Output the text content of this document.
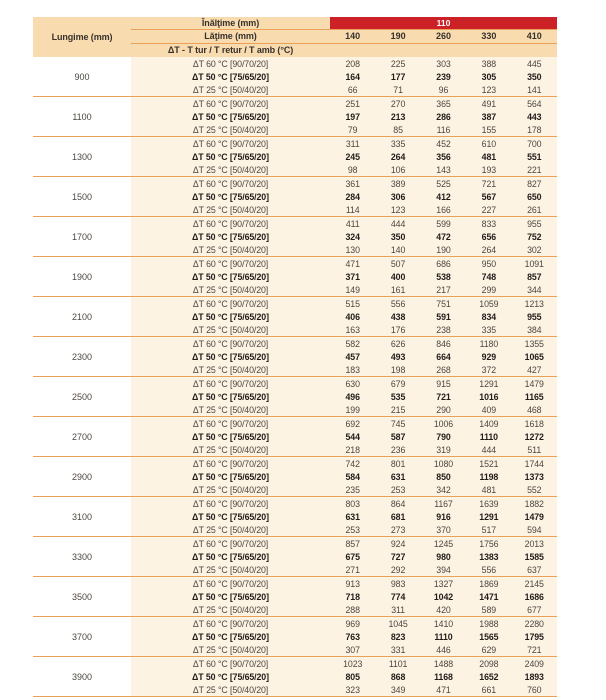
Lungime (mm)
Înălţime (mm)	110
Lăţime (mm)	140	190	260	330	410
ΔT - T tur / T retur / T amb (°C)
900
ΔT 60 °C [90/70/20]	208	225	303	388	445
ΔT 50 °C [75/65/20]	164	177	239	305	350
ΔT 25 °C [50/40/20]	66	71	96	123	141
1100
ΔT 60 °C [90/70/20]	251	270	365	491	564
ΔT 50 °C [75/65/20]	197	213	286	387	443
ΔT 25 °C [50/40/20]	79	85	116	155	178
1300
ΔT 60 °C [90/70/20]	311	335	452	610	700
ΔT 50 °C [75/65/20]	245	264	356	481	551
ΔT 25 °C [50/40/20]	98	106	143	193	221
1500
ΔT 60 °C [90/70/20]	361	389	525	721	827
ΔT 50 °C [75/65/20]	284	306	412	567	650
ΔT 25 °C [50/40/20]	114	123	166	227	261
1700
ΔT 60 °C [90/70/20]	411	444	599	833	955
ΔT 50 °C [75/65/20]	324	350	472	656	752
ΔT 25 °C [50/40/20]	130	140	190	264	302
1900
ΔT 60 °C [90/70/20]	471	507	686	950	1091
ΔT 50 °C [75/65/20]	371	400	538	748	857
ΔT 25 °C [50/40/20]	149	161	217	299	344
2100
ΔT 60 °C [90/70/20]	515	556	751	1059	1213
ΔT 50 °C [75/65/20]	406	438	591	834	955
ΔT 25 °C [50/40/20]	163	176	238	335	384
2300
ΔT 60 °C [90/70/20]	582	626	846	1180	1355
ΔT 50 °C [75/65/20]	457	493	664	929	1065
ΔT 25 °C [50/40/20]	183	198	268	372	427
2500
ΔT 60 °C [90/70/20]	630	679	915	1291	1479
ΔT 50 °C [75/65/20]	496	535	721	1016	1165
ΔT 25 °C [50/40/20]	199	215	290	409	468
2700
ΔT 60 °C [90/70/20]	692	745	1006	1409	1618
ΔT 50 °C [75/65/20]	544	587	790	1110	1272
ΔT 25 °C [50/40/20]	218	236	319	444	511
2900
ΔT 60 °C [90/70/20]	742	801	1080	1521	1744
ΔT 50 °C [75/65/20]	584	631	850	1198	1373
ΔT 25 °C [50/40/20]	235	253	342	481	552
3100
ΔT 60 °C [90/70/20]	803	864	1167	1639	1882
ΔT 50 °C [75/65/20]	631	681	916	1291	1479
ΔT 25 °C [50/40/20]	253	273	370	517	594
3300
ΔT 60 °C [90/70/20]	857	924	1245	1756	2013
ΔT 50 °C [75/65/20]	675	727	980	1383	1585
ΔT 25 °C [50/40/20]	271	292	394	556	637
3500
ΔT 60 °C [90/70/20]	913	983	1327	1869	2145
ΔT 50 °C [75/65/20]	718	774	1042	1471	1686
ΔT 25 °C [50/40/20]	288	311	420	589	677
3700
ΔT 60 °C [90/70/20]	969	1045	1410	1988	2280
ΔT 50 °C [75/65/20]	763	823	1110	1565	1795
ΔT 25 °C [50/40/20]	307	331	446	629	721
3900
ΔT 60 °C [90/70/20]	1023	1101	1488	2098	2409
ΔT 50 °C [75/65/20]	805	868	1168	1652	1893
ΔT 25 °C [50/40/20]	323	349	471	661	760
